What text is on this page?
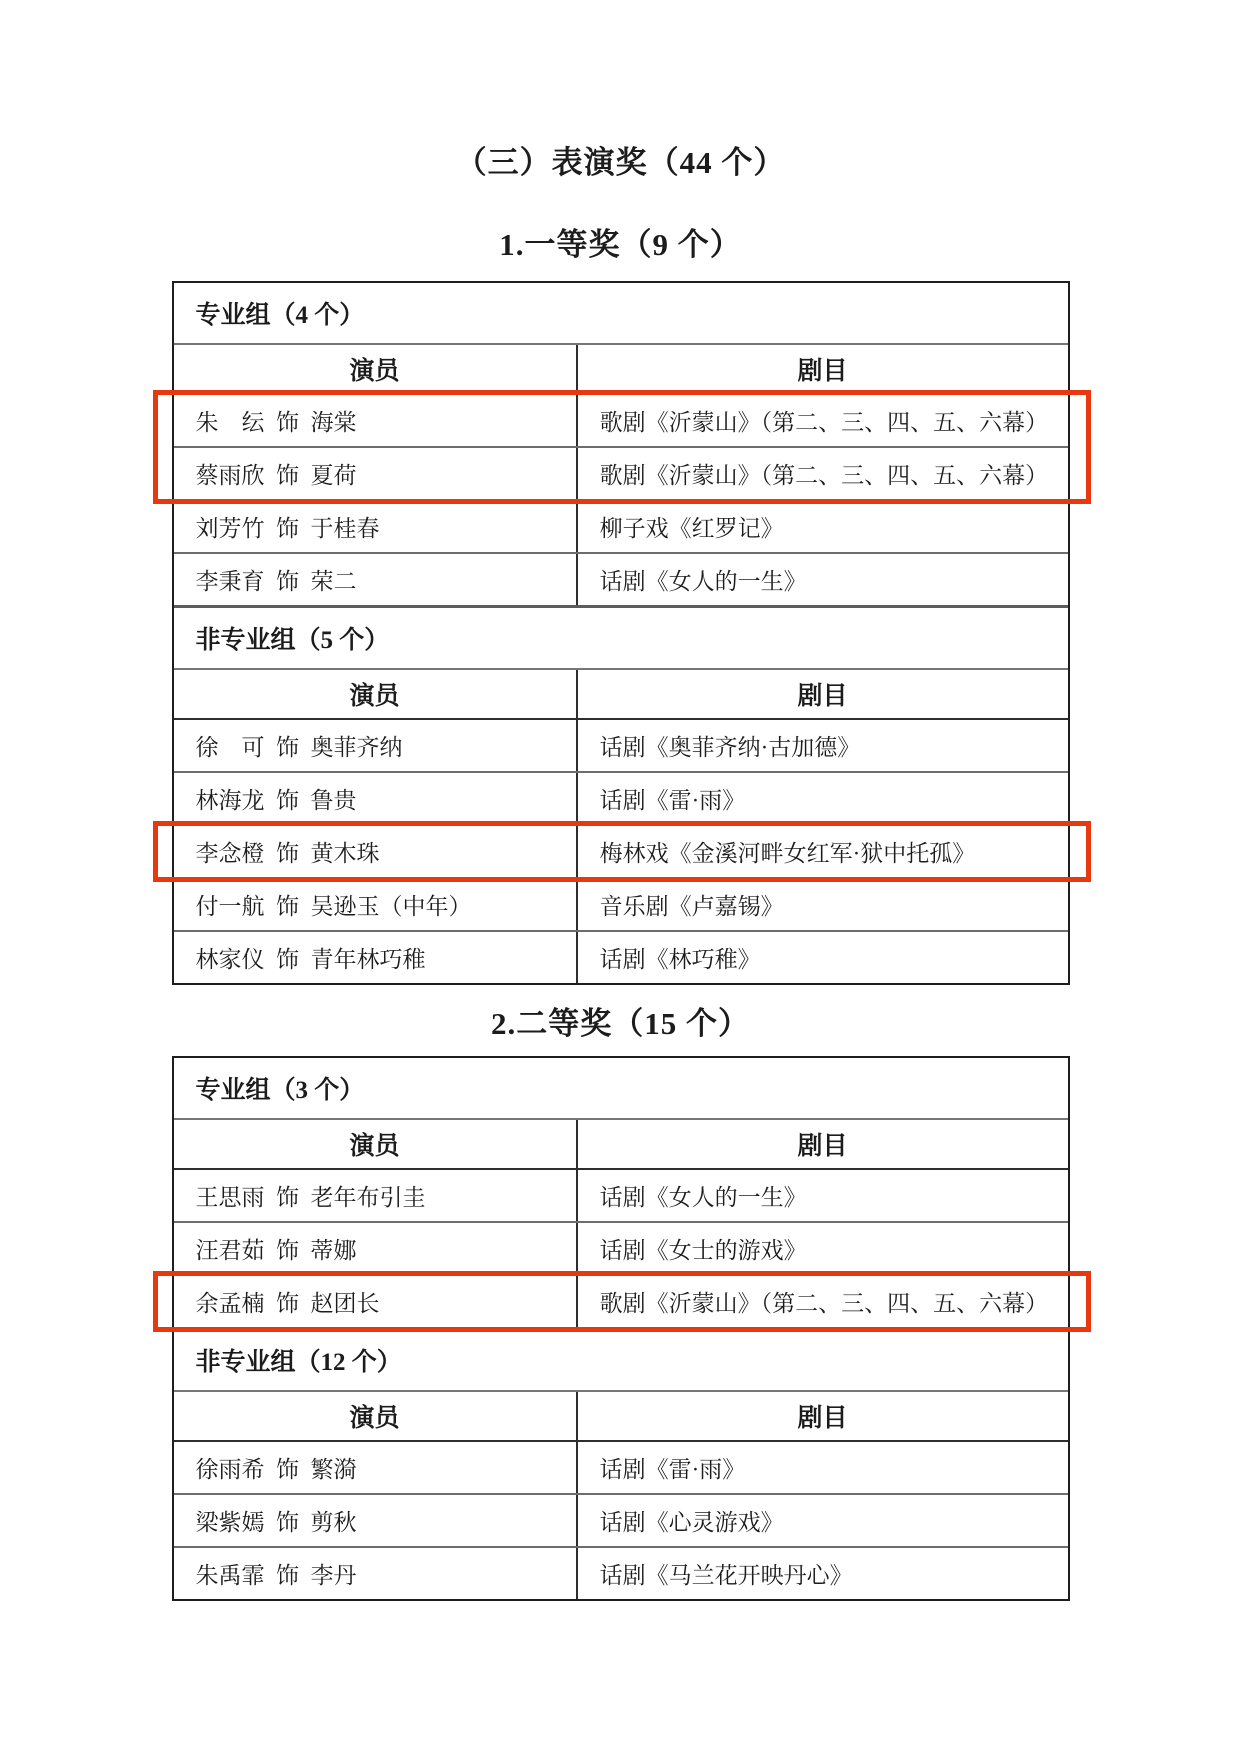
（三）表演奖（44 个）
1.一等奖（9 个）
专业组（4 个）
演员	剧目
朱　纭  饰  海棠	歌剧《沂蒙山》（第二、三、四、五、六幕）
蔡雨欣  饰  夏荷	歌剧《沂蒙山》（第二、三、四、五、六幕）
刘芳竹  饰  于桂春	柳子戏《红罗记》
李秉育  饰  荣二	话剧《女人的一生》
非专业组（5 个）
演员	剧目
徐　可  饰  奥菲齐纳	话剧《奥菲齐纳·古加德》
林海龙  饰  鲁贵	话剧《雷·雨》
李念橙  饰  黄木珠	梅林戏《金溪河畔女红军·狱中托孤》
付一航  饰  吴逊玉（中年）	音乐剧《卢嘉锡》
林家仪  饰  青年林巧稚	话剧《林巧稚》
2.二等奖（15 个）
专业组（3 个）
演员	剧目
王思雨  饰  老年布引圭	话剧《女人的一生》
汪君茹  饰  蒂娜	话剧《女士的游戏》
余孟楠  饰  赵团长	歌剧《沂蒙山》（第二、三、四、五、六幕）
非专业组（12 个）
演员	剧目
徐雨希  饰  繁漪	话剧《雷·雨》
梁紫嫣  饰  剪秋	话剧《心灵游戏》
朱禹霏  饰  李丹	话剧《马兰花开映丹心》
